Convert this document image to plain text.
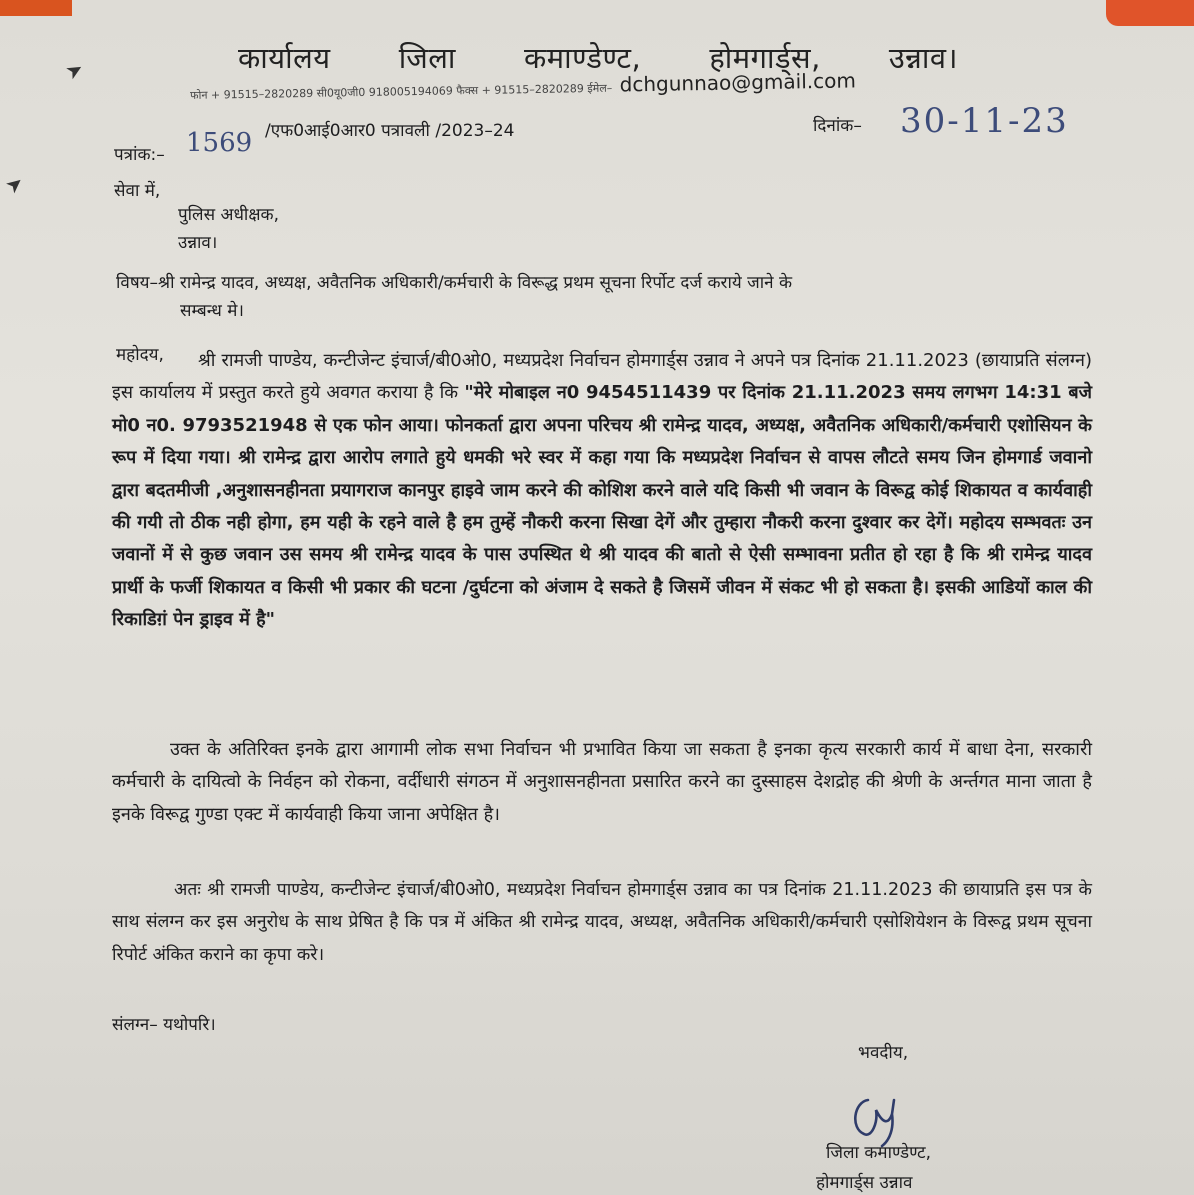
➤
➤
कार्यालय जिला कमाण्डेण्ट, होमगार्ड्स, उन्नाव।
फोन + 91515–2820289 सी0यू0जी0 918005194069 फैक्स + 91515–2820289 ईमेल– dchgunnao@gmail.com
पत्रांक:– 1569 /एफ0आई0आर0 पत्रावली /2023–24	दिनांक– 30-11-23
सेवा में,
पुलिस अधीक्षक,
उन्नाव।
विषय–श्री रामेन्द्र यादव, अध्यक्ष, अवैतनिक अधिकारी/कर्मचारी के विरूद्ध प्रथम सूचना रिर्पोट दर्ज कराये जाने के
सम्बन्ध मे।
महोदय,	श्री रामजी पाण्डेय, कन्टीजेन्ट इंचार्ज/बी0ओ0, मध्यप्रदेश निर्वाचन होमगार्ड्स उन्नाव ने अपने पत्र दिनांक 21.11.2023 (छायाप्रति संलग्न) इस कार्यालय में प्रस्तुत करते हुये अवगत कराया है कि "मेरे मोबाइल न0 9454511439 पर दिनांक 21.11.2023 समय लगभग 14:31 बजे मो0 न0. 9793521948 से एक फोन आया। फोनकर्ता द्वारा अपना परिचय श्री रामेन्द्र यादव, अध्यक्ष, अवैतनिक अधिकारी/कर्मचारी एशोसियन के रूप में दिया गया। श्री रामेन्द्र द्वारा आरोप लगाते हुये धमकी भरे स्वर में कहा गया कि मध्यप्रदेश निर्वाचन से वापस लौटते समय जिन होमगार्ड जवानो द्वारा बदतमीजी ,अनुशासनहीनता प्रयागराज कानपुर हाइवे जाम करने की कोशिश करने वाले यदि किसी भी जवान के विरूद्व कोई शिकायत व कार्यवाही की गयी तो ठीक नही होगा, हम यही के रहने वाले है हम तुम्हें नौकरी करना सिखा देगें और तुम्हारा नौकरी करना दुश्वार कर देगें। महोदय सम्भवतः उन जवानों में से कुछ जवान उस समय श्री रामेन्द्र यादव के पास उपस्थित थे श्री यादव की बातो से ऐसी सम्भावना प्रतीत हो रहा है कि श्री रामेन्द्र यादव प्रार्थी के फर्जी शिकायत व किसी भी प्रकार की घटना /दुर्घटना को अंजाम दे सकते है जिसमें जीवन में संकट भी हो सकता है। इसकी आडियों काल की रिकाडिग़ं पेन ड्राइव में है"
उक्त के अतिरिक्त इनके द्वारा आगामी लोक सभा निर्वाचन भी प्रभावित किया जा सकता है इनका कृत्य सरकारी कार्य में बाधा देना, सरकारी कर्मचारी के दायित्वो के निर्वहन को रोकना, वर्दीधारी संगठन में अनुशासनहीनता प्रसारित करने का दुस्साहस देशद्रोह की श्रेणी के अर्न्तगत माना जाता है इनके विरूद्व गुण्डा एक्ट में कार्यवाही किया जाना अपेक्षित है।
अतः श्री रामजी पाण्डेय, कन्टीजेन्ट इंचार्ज/बी0ओ0, मध्यप्रदेश निर्वाचन होमगार्ड्स उन्नाव का पत्र दिनांक 21.11.2023 की छायाप्रति इस पत्र के साथ संलग्न कर इस अनुरोध के साथ प्रेषित है कि पत्र में अंकित श्री रामेन्द्र यादव, अध्यक्ष, अवैतनिक अधिकारी/कर्मचारी एसोशियेशन के विरूद्व प्रथम सूचना रिपोर्ट अंकित कराने का कृपा करे।
संलग्न– यथोपरि।
भवदीय,
जिला कमाण्डेण्ट,
होमगार्ड्स उन्नाव
